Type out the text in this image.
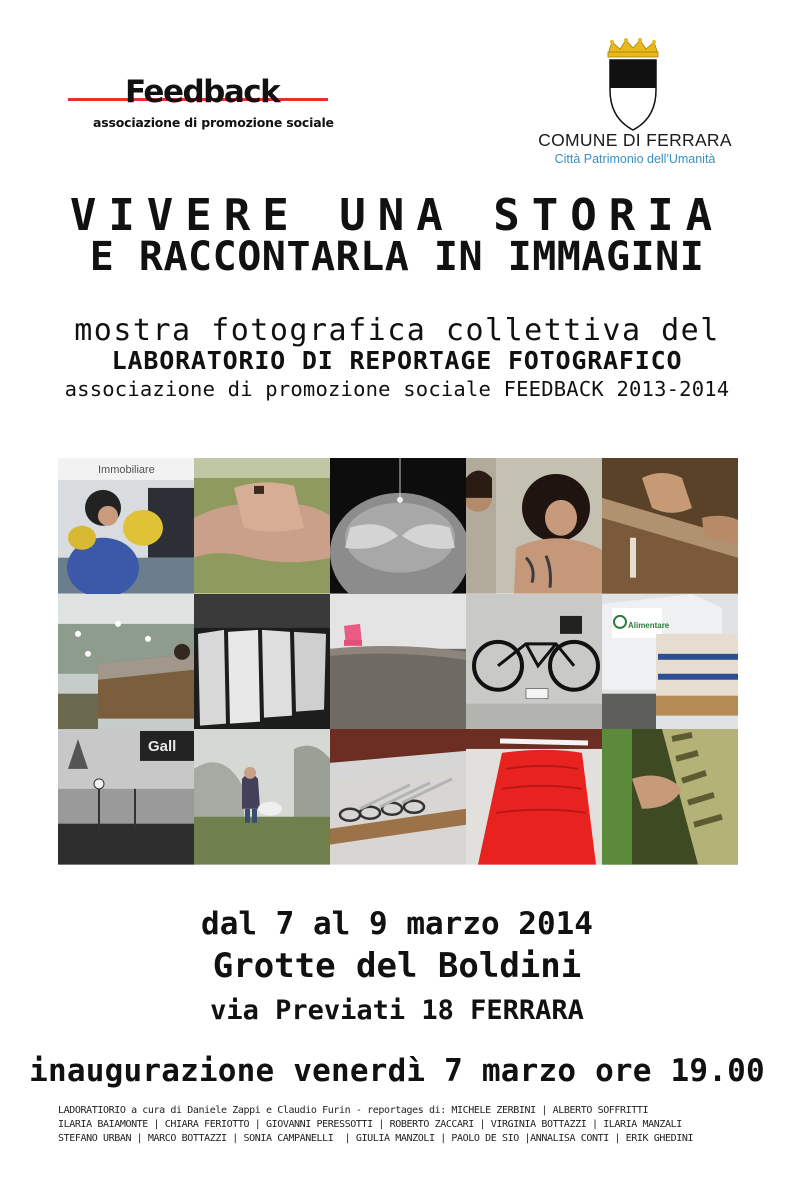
Feedback
associazione di promozione sociale
COMUNE DI FERRARA
Città Patrimonio dell'Umanità
VIVERE UNA STORIA
E RACCONTARLA IN IMMAGINI
mostra fotografica collettiva del
LABORATORIO DI REPORTAGE FOTOGRAFICO
associazione di promozione sociale FEEDBACK 2013-2014
Immobiliare
Alimentare
Gall
dal 7 al 9 marzo 2014
Grotte del Boldini
via Previati 18 FERRARA
inaugurazione venerdì 7 marzo ore 19.00
LADORATIORIO a cura di Daniele Zappi e Claudio Furin - reportages di: MICHELE ZERBINI | ALBERTO SOFFRITTI
ILARIA BAIAMONTE | CHIARA FERIOTTO | GIOVANNI PERESSOTTI | ROBERTO ZACCARI | VIRGINIA BOTTAZZI | ILARIA MANZALI
STEFANO URBAN | MARCO BOTTAZZI | SONIA CAMPANELLI  | GIULIA MANZOLI | PAOLO DE SIO |ANNALISA CONTI | ERIK GHEDINI
